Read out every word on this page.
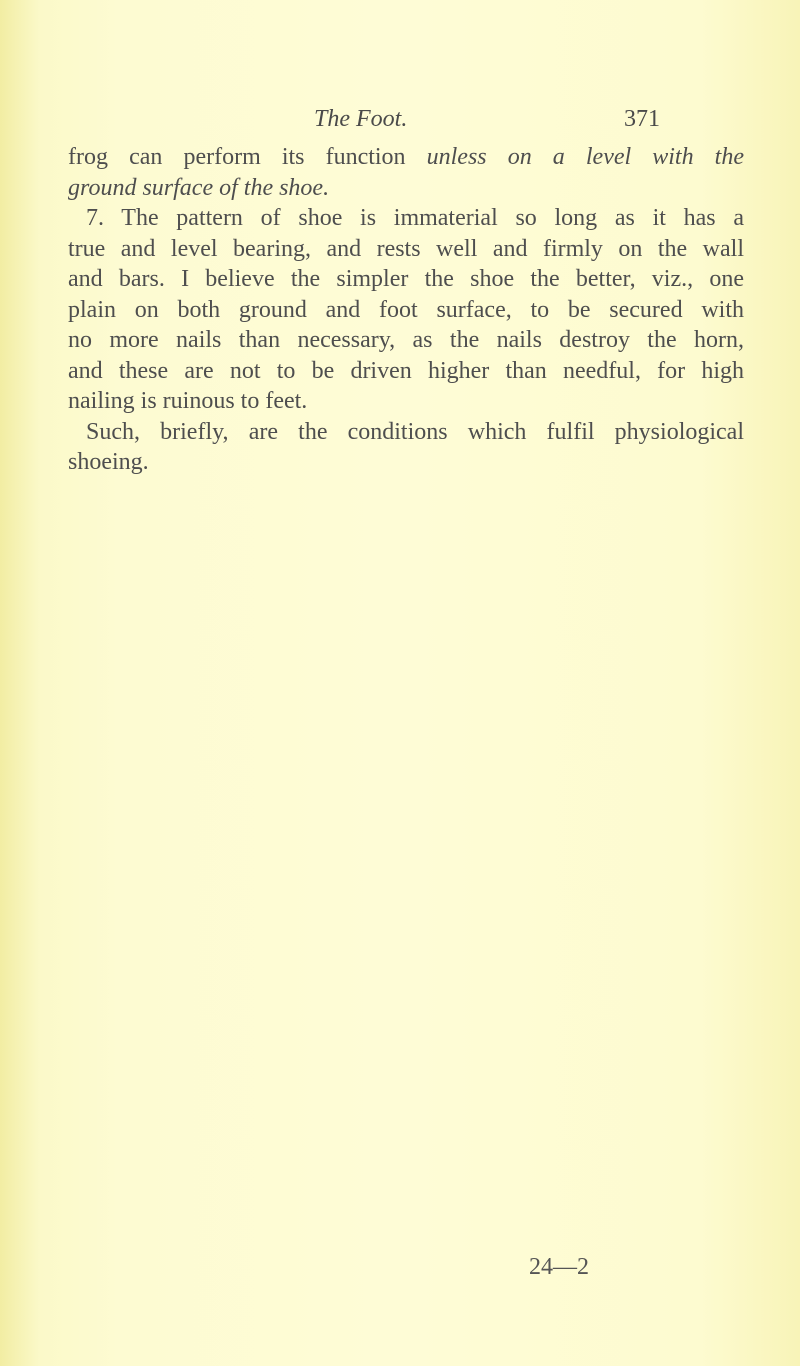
The Foot.	371
frog can perform its function unless on a level with the
ground surface of the shoe.
7. The pattern of shoe is immaterial so long as it has a
true and level bearing, and rests well and firmly on the wall
and bars. I believe the simpler the shoe the better, viz., one
plain on both ground and foot surface, to be secured with
no more nails than necessary, as the nails destroy the horn,
and these are not to be driven higher than needful, for high
nailing is ruinous to feet.
Such, briefly, are the conditions which fulfil physiological
shoeing.
24—2
